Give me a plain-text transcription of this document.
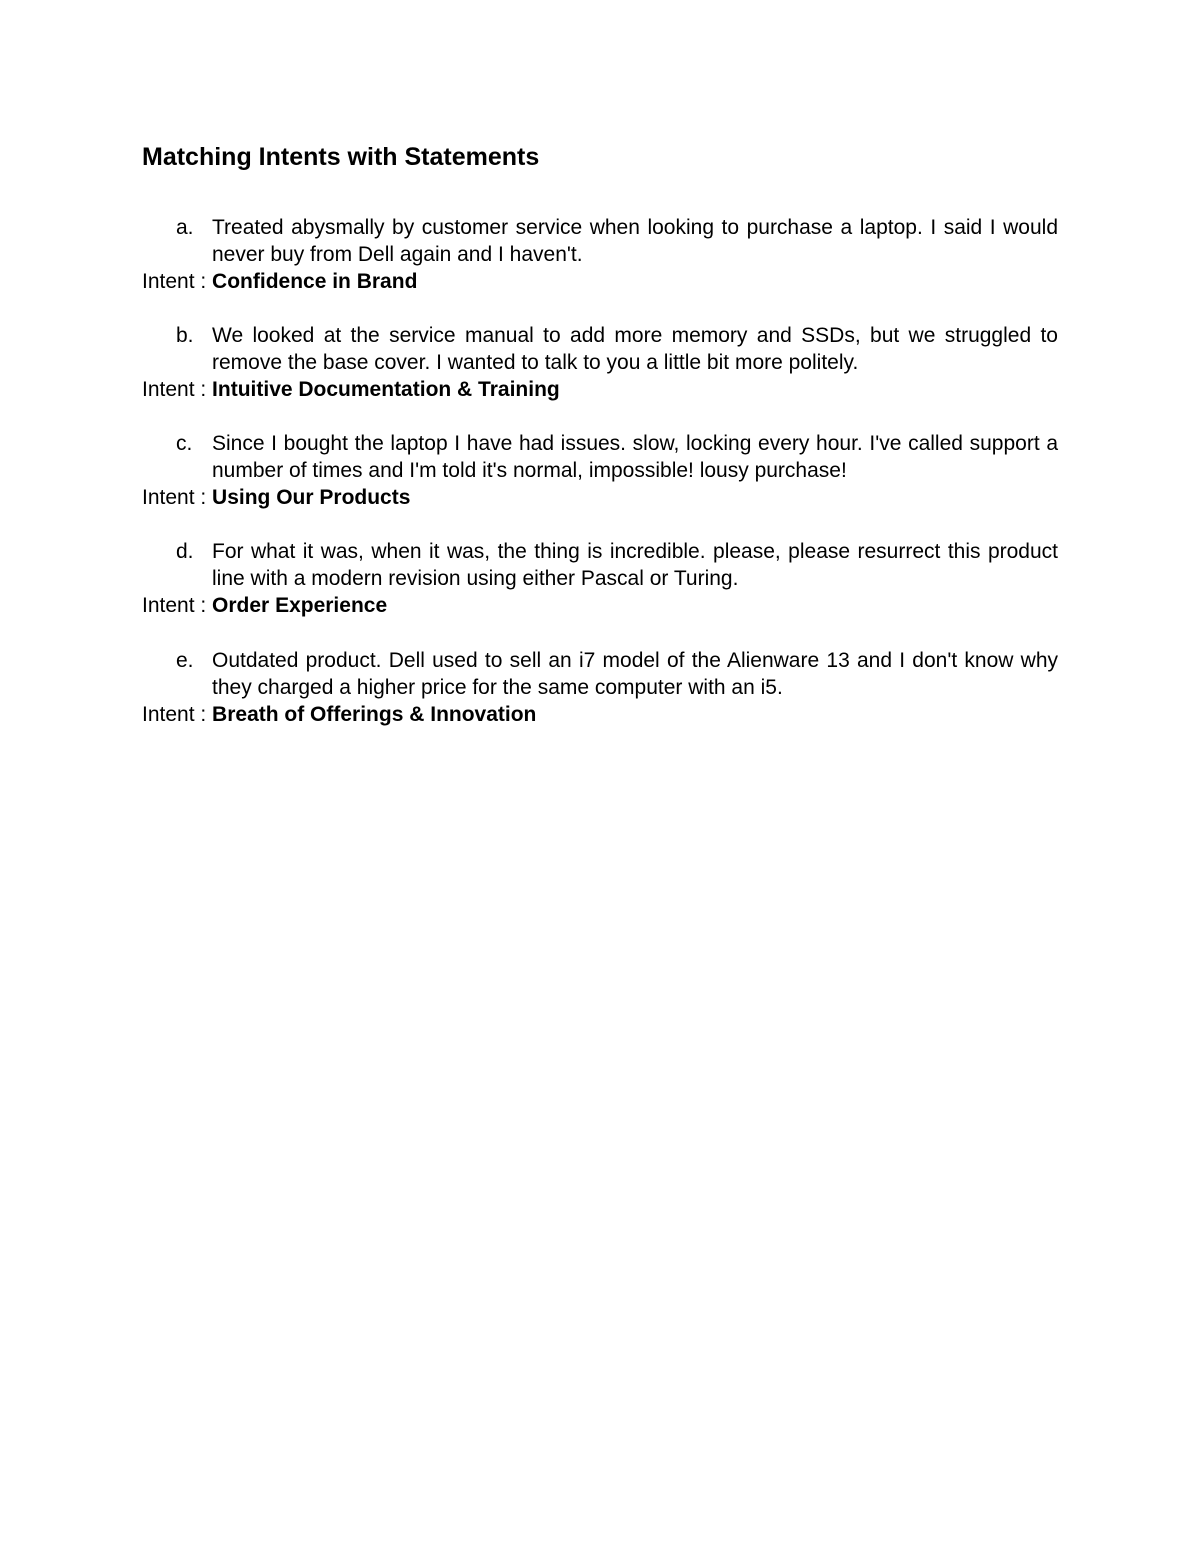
Matching Intents with Statements
a. Treated abysmally by customer service when looking to purchase a laptop. I said I would never buy from Dell again and I haven't.
Intent : Confidence in Brand
b. We looked at the service manual to add more memory and SSDs, but we struggled to remove the base cover. I wanted to talk to you a little bit more politely.
Intent : Intuitive Documentation & Training
c. Since I bought the laptop I have had issues. slow, locking every hour. I've called support a number of times and I'm told it's normal, impossible! lousy purchase!
Intent : Using Our Products
d. For what it was, when it was, the thing is incredible. please, please resurrect this product line with a modern revision using either Pascal or Turing.
Intent : Order Experience
e. Outdated product. Dell used to sell an i7 model of the Alienware 13 and I don't know why they charged a higher price for the same computer with an i5.
Intent : Breath of Offerings & Innovation
